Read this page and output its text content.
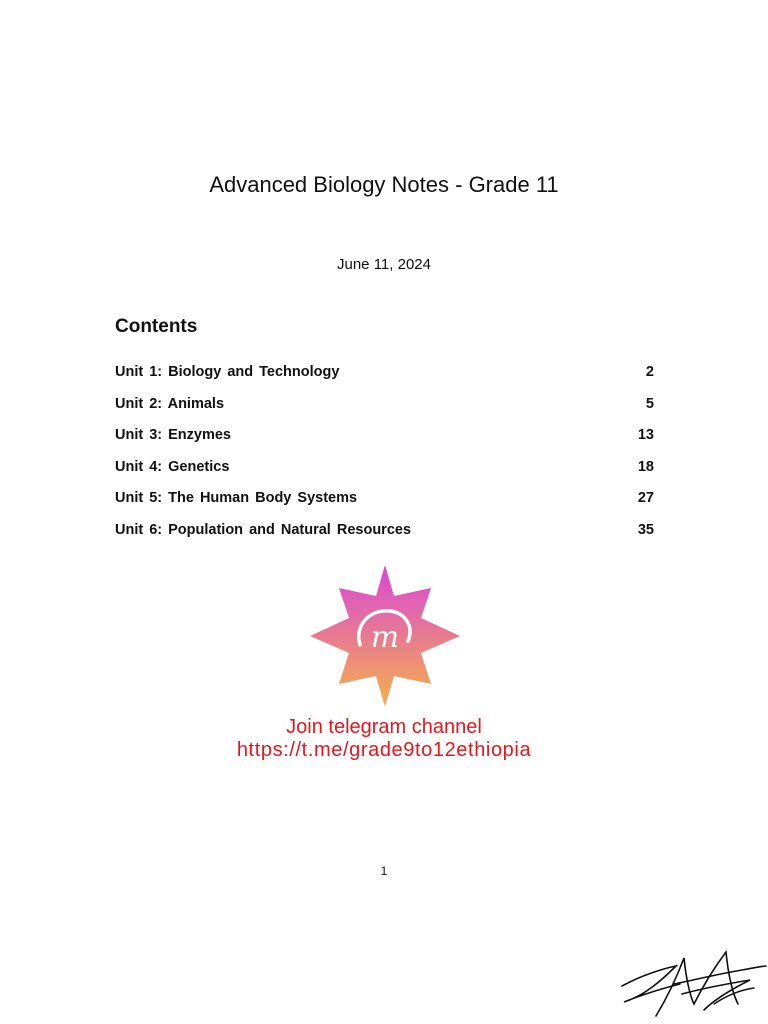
Advanced Biology Notes - Grade 11
June 11, 2024
Contents
Unit 1: Biology and Technology	2
Unit 2: Animals	5
Unit 3: Enzymes	13
Unit 4: Genetics	18
Unit 5: The Human Body Systems	27
Unit 6: Population and Natural Resources	35
m
Join telegram channel
https://t.me/grade9to12ethiopia
1
